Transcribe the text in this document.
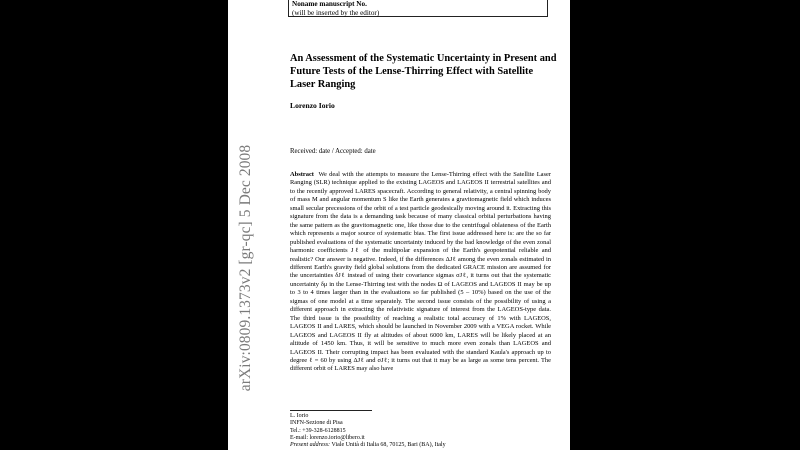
arXiv:0809.1373v2 [gr-qc] 5 Dec 2008
Noname manuscript No.
(will be inserted by the editor)
An Assessment of the Systematic Uncertainty in Present and Future Tests of the Lense-Thirring Effect with Satellite Laser Ranging
Lorenzo Iorio
Received: date / Accepted: date
Abstract We deal with the attempts to measure the Lense-Thirring effect with the Satellite Laser Ranging (SLR) technique applied to the existing LAGEOS and LAGEOS II terrestrial satellites and to the recently approved LARES spacecraft. According to general relativity, a central spinning body of mass M and angular momentum S like the Earth generates a gravitomagnetic field which induces small secular precessions of the orbit of a test particle geodesically moving around it. Extracting this signature from the data is a demanding task because of many classical orbital perturbations having the same pattern as the gravitomagnetic one, like those due to the centrifugal oblateness of the Earth which represents a major source of systematic bias. The first issue addressed here is: are the so far published evaluations of the systematic uncertainty induced by the bad knowledge of the even zonal harmonic coefficients Jℓ of the multipolar expansion of the Earth's geopotential reliable and realistic? Our answer is negative. Indeed, if the differences ΔJℓ among the even zonals estimated in different Earth's gravity field global solutions from the dedicated GRACE mission are assumed for the uncertainties δJℓ instead of using their covariance sigmas σJℓ, it turns out that the systematic uncertainty δμ in the Lense-Thirring test with the nodes Ω of LAGEOS and LAGEOS II may be up to 3 to 4 times larger than in the evaluations so far published (5 – 10%) based on the use of the sigmas of one model at a time separately. The second issue consists of the possibility of using a different approach in extracting the relativistic signature of interest from the LAGEOS-type data. The third issue is the possibility of reaching a realistic total accuracy of 1% with LAGEOS, LAGEOS II and LARES, which should be launched in November 2009 with a VEGA rocket. While LAGEOS and LAGEOS II fly at altitudes of about 6000 km, LARES will be likely placed at an altitude of 1450 km. Thus, it will be sensitive to much more even zonals than LAGEOS and LAGEOS II. Their corrupting impact has been evaluated with the standard Kaula's approach up to degree ℓ = 60 by using ΔJℓ and σJℓ; it turns out that it may be as large as some tens percent. The different orbit of LARES may also have
L. Iorio
INFN-Sezione di Pisa
Tel.: +39-328-6128815
E-mail: lorenzo.iorio@libero.it
Present address: Viale Unità di Italia 68, 70125, Bari (BA), Italy
